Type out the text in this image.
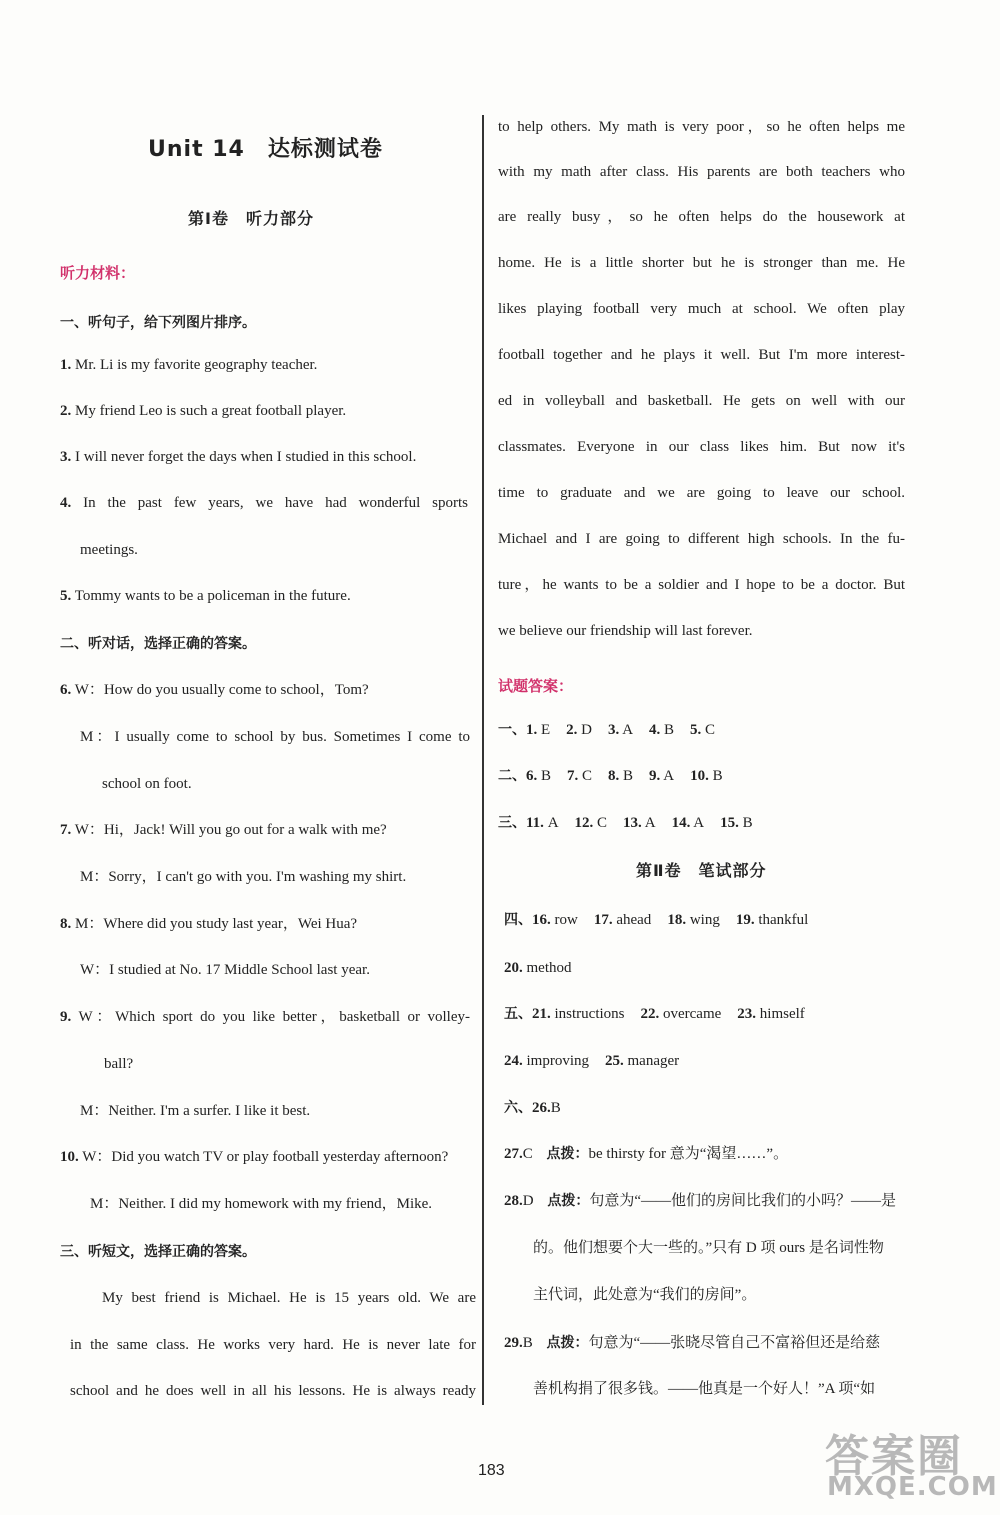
Unit 14　达标测试卷
第Ⅰ卷　听力部分
听力材料：
一、听句子，给下列图片排序。
1. Mr. Li is my favorite geography teacher.
2. My friend Leo is such a great football player.
3. I will never forget the days when I studied in this school.
4. In the past few years, we have had wonderful sports
meetings.
5. Tommy wants to be a policeman in the future.
二、听对话，选择正确的答案。
6. W：How do you usually come to school，Tom?
M：I usually come to school by bus. Sometimes I come to
school on foot.
7. W：Hi，Jack! Will you go out for a walk with me?
M：Sorry，I can't go with you. I'm washing my shirt.
8. M：Where did you study last year，Wei Hua?
W：I studied at No. 17 Middle School last year.
9. W：Which sport do you like better，basketball or volley-
ball?
M：Neither. I'm a surfer. I like it best.
10. W：Did you watch TV or play football yesterday afternoon?
M：Neither. I did my homework with my friend，Mike.
三、听短文，选择正确的答案。
My best friend is Michael. He is 15 years old. We are
in the same class. He works very hard. He is never late for
school and he does well in all his lessons. He is always ready
to help others. My math is very poor，so he often helps me
with my math after class. His parents are both teachers who
are really busy，so he often helps do the housework at
home. He is a little shorter but he is stronger than me. He
likes playing football very much at school. We often play
football together and he plays it well. But I'm more interest-
ed in volleyball and basketball. He gets on well with our
classmates. Everyone in our class likes him. But now it's
time to graduate and we are going to leave our school.
Michael and I are going to different high schools. In the fu-
ture，he wants to be a soldier and I hope to be a doctor. But
we believe our friendship will last forever.
试题答案：
一、1. E 2. D 3. A 4. B 5. C
二、6. B 7. C 8. B 9. A 10. B
三、11. A 12. C 13. A 14. A 15. B
第Ⅱ卷　笔试部分
四、16. row 17. ahead 18. wing 19. thankful
20. method
五、21. instructions 22. overcame 23. himself
24. improving 25. manager
六、26.B
27.C 点拨：be thirsty for 意为“渴望……”。
28.D 点拨：句意为“——他们的房间比我们的小吗？——是
的。他们想要个大一些的。”只有 D 项 ours 是名词性物
主代词，此处意为“我们的房间”。
29.B 点拨：句意为“——张晓尽管自己不富裕但还是给慈
善机构捐了很多钱。——他真是一个好人！”A 项“如
183	答案圈
MXQE.COM
